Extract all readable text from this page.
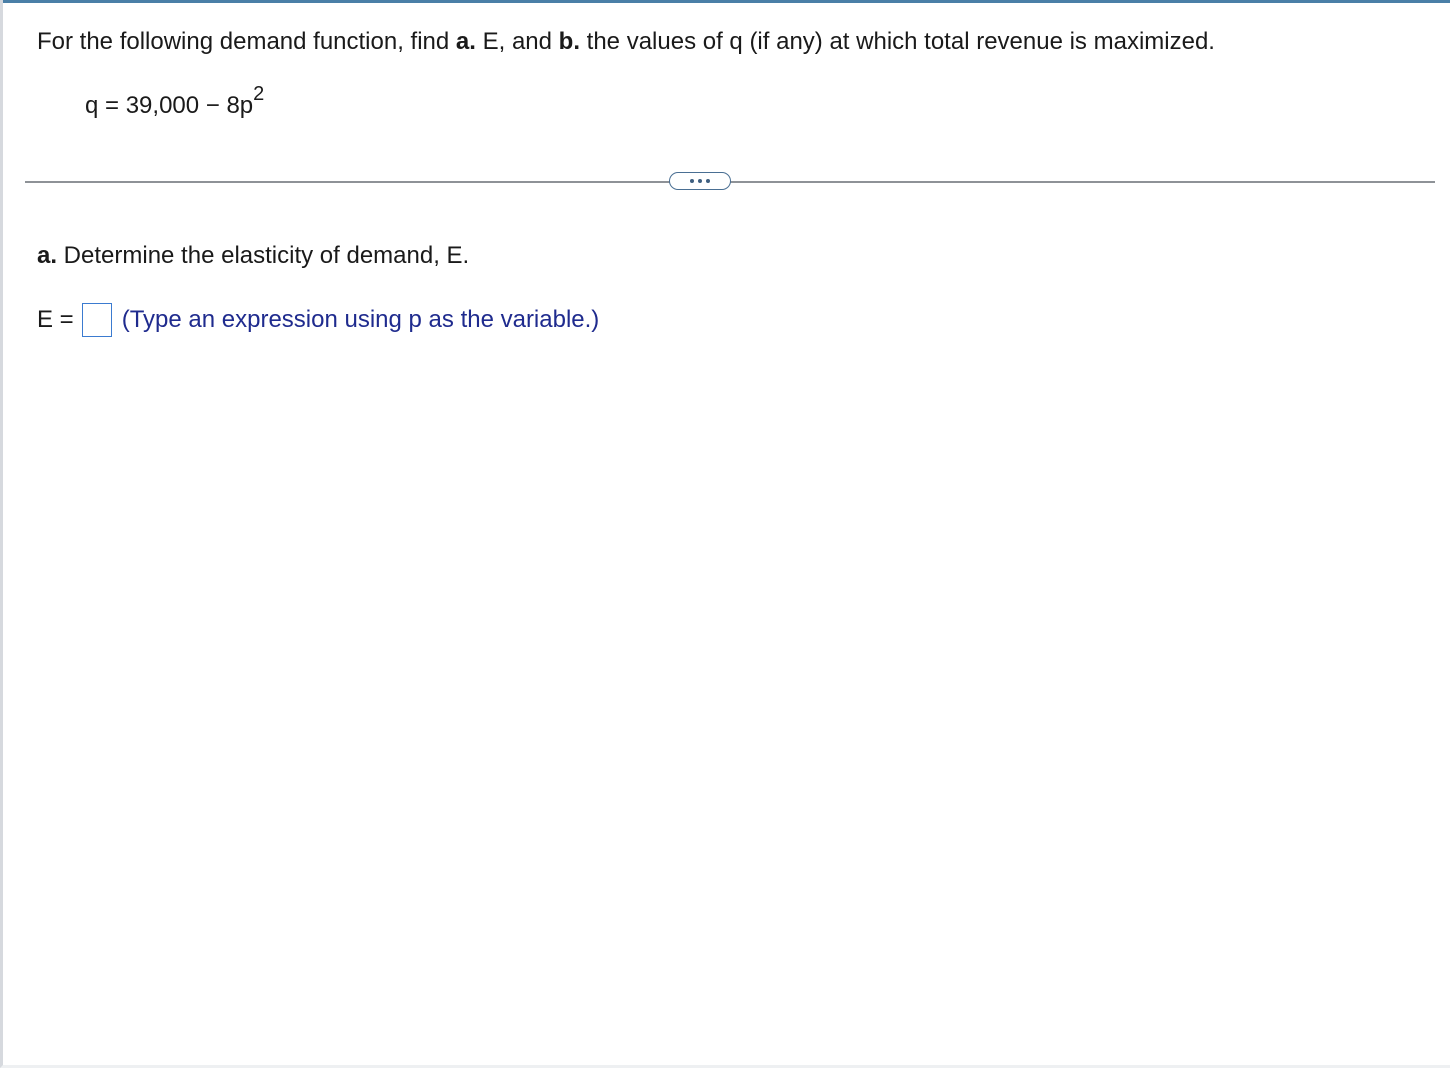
For the following demand function, find a. E, and b. the values of q (if any) at which total revenue is maximized.
$q = 39,000 - 8p^2$
a. Determine the elasticity of demand, E.
E = (Type an expression using p as the variable.)
